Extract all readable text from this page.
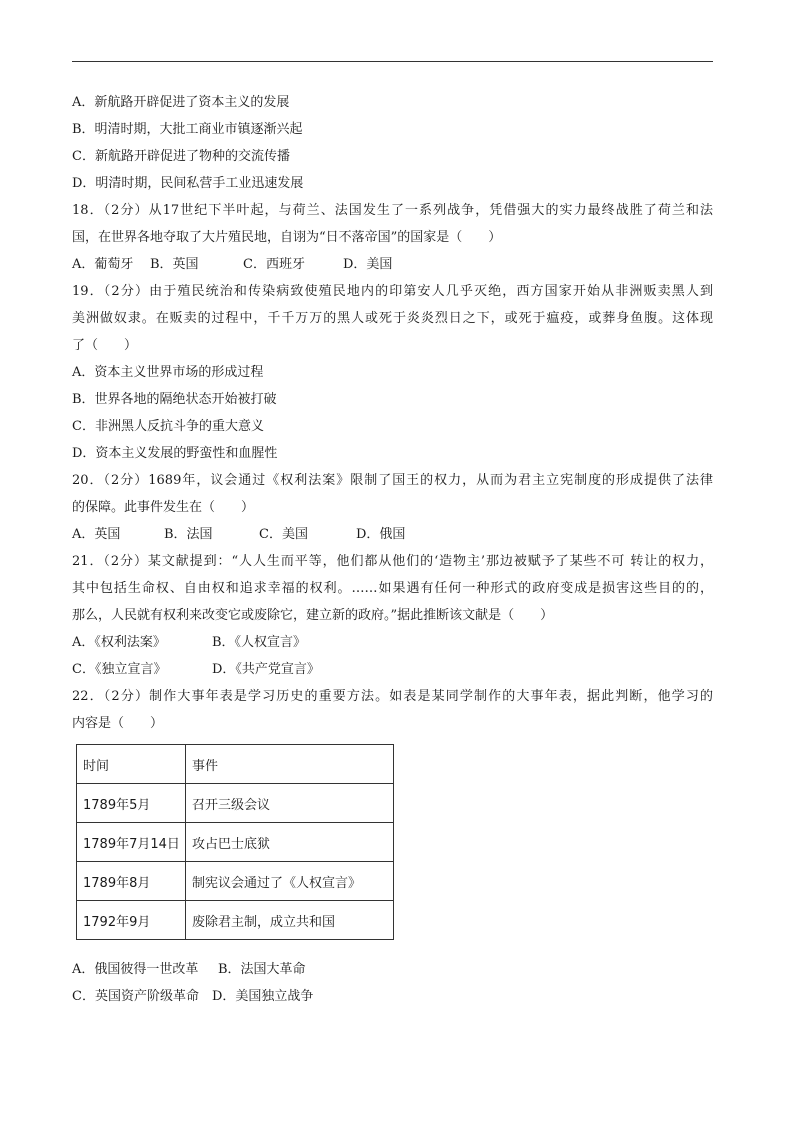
A．新航路开辟促进了资本主义的发展
B．明清时期，大批工商业市镇逐渐兴起
C．新航路开辟促进了物种的交流传播
D．明清时期，民间私营手工业迅速发展
18．（2分）从17世纪下半叶起，与荷兰、法国发生了一系列战争，凭借强大的实力最终战胜了荷兰和法
国，在世界各地夺取了大片殖民地，自诩为“日不落帝国”的国家是（　　）
A．葡萄牙 B．英国	C．西班牙	D．美国
19．（2分）由于殖民统治和传染病致使殖民地内的印第安人几乎灭绝，西方国家开始从非洲贩卖黑人到
美洲做奴隶。在贩卖的过程中，千千万万的黑人或死于炎炎烈日之下，或死于瘟疫，或葬身鱼腹。这体现
了（　　）
A．资本主义世界市场的形成过程
B．世界各地的隔绝状态开始被打破
C．非洲黑人反抗斗争的重大意义
D．资本主义发展的野蛮性和血腥性
20．（2分）1689年，议会通过《权利法案》限制了国王的权力，从而为君主立宪制度的形成提供了法律
的保障。此事件发生在（　　）
A．英国	B．法国	C．美国	D．俄国
21．（2分）某文献提到：“人人生而平等，他们都从他们的‘造物主’那边被赋予了某些不可 转让的权力，
其中包括生命权、自由权和追求幸福的权利。……如果遇有任何一种形式的政府变成是损害这些目的的，
那么，人民就有权利来改变它或废除它，建立新的政府。”据此推断该文献是（　　）
A．《权利法案》	B．《人权宣言》
C．《独立宣言》	D．《共产党宣言》
22．（2分）制作大事年表是学习历史的重要方法。如表是某同学制作的大事年表，据此判断，他学习的
内容是（　　）
时间	事件
1789年5月	召开三级会议
1789年7月14日	攻占巴士底狱
1789年8月	制宪议会通过了《人权宣言》
1792年9月	废除君主制，成立共和国
A．俄国彼得一世改革 B．法国大革命
C．英国资产阶级革命 D．美国独立战争
